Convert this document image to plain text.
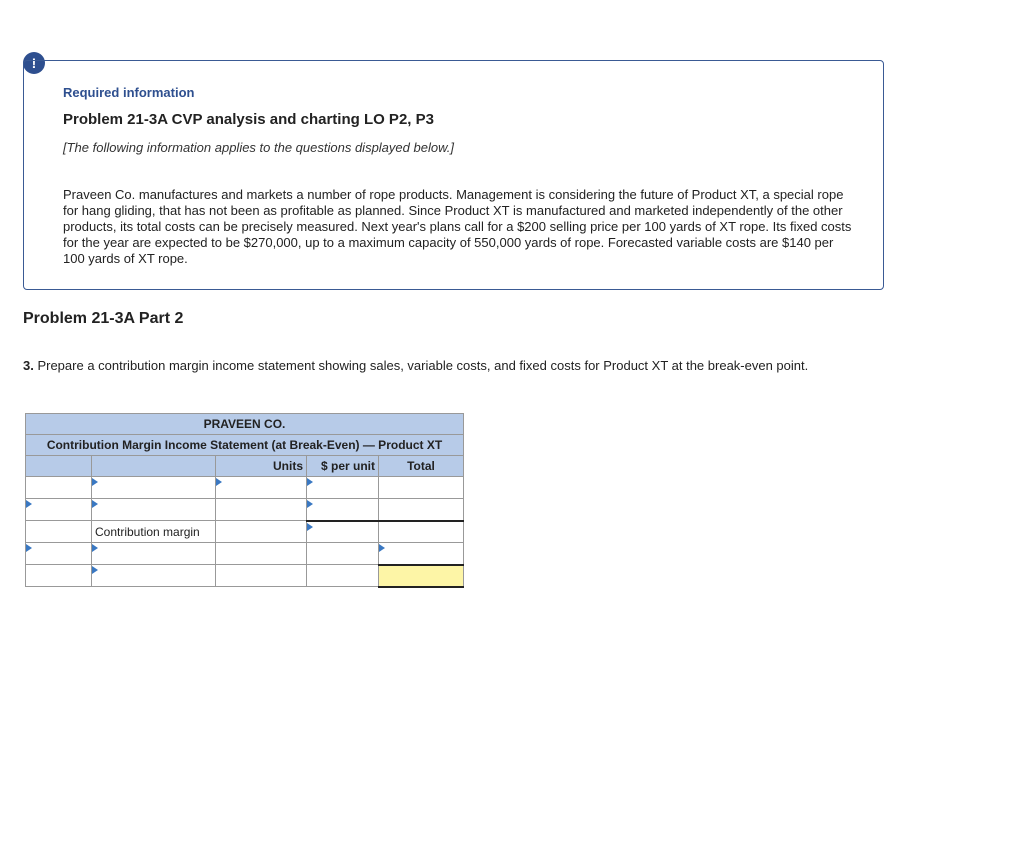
!
Required information
Problem 21-3A CVP analysis and charting LO P2, P3
[The following information applies to the questions displayed below.]

Praveen Co. manufactures and markets a number of rope products. Management is considering the future of Product XT, a special rope for hang gliding, that has not been as profitable as planned. Since Product XT is manufactured and marketed independently of the other products, its total costs can be precisely measured. Next year's plans call for a $200 selling price per 100 yards of XT rope. Its fixed costs for the year are expected to be $270,000, up to a maximum capacity of 550,000 yards of rope. Forecasted variable costs are $140 per 100 yards of XT rope.

Problem 21-3A Part 2

3. Prepare a contribution margin income statement showing sales, variable costs, and fixed costs for Product XT at the break-even point.

PRAVEEN CO.				
Contribution Margin Income Statement (at Break-Even) — Product XT				
		Units	$ per unit	Total

	Contribution margin			
